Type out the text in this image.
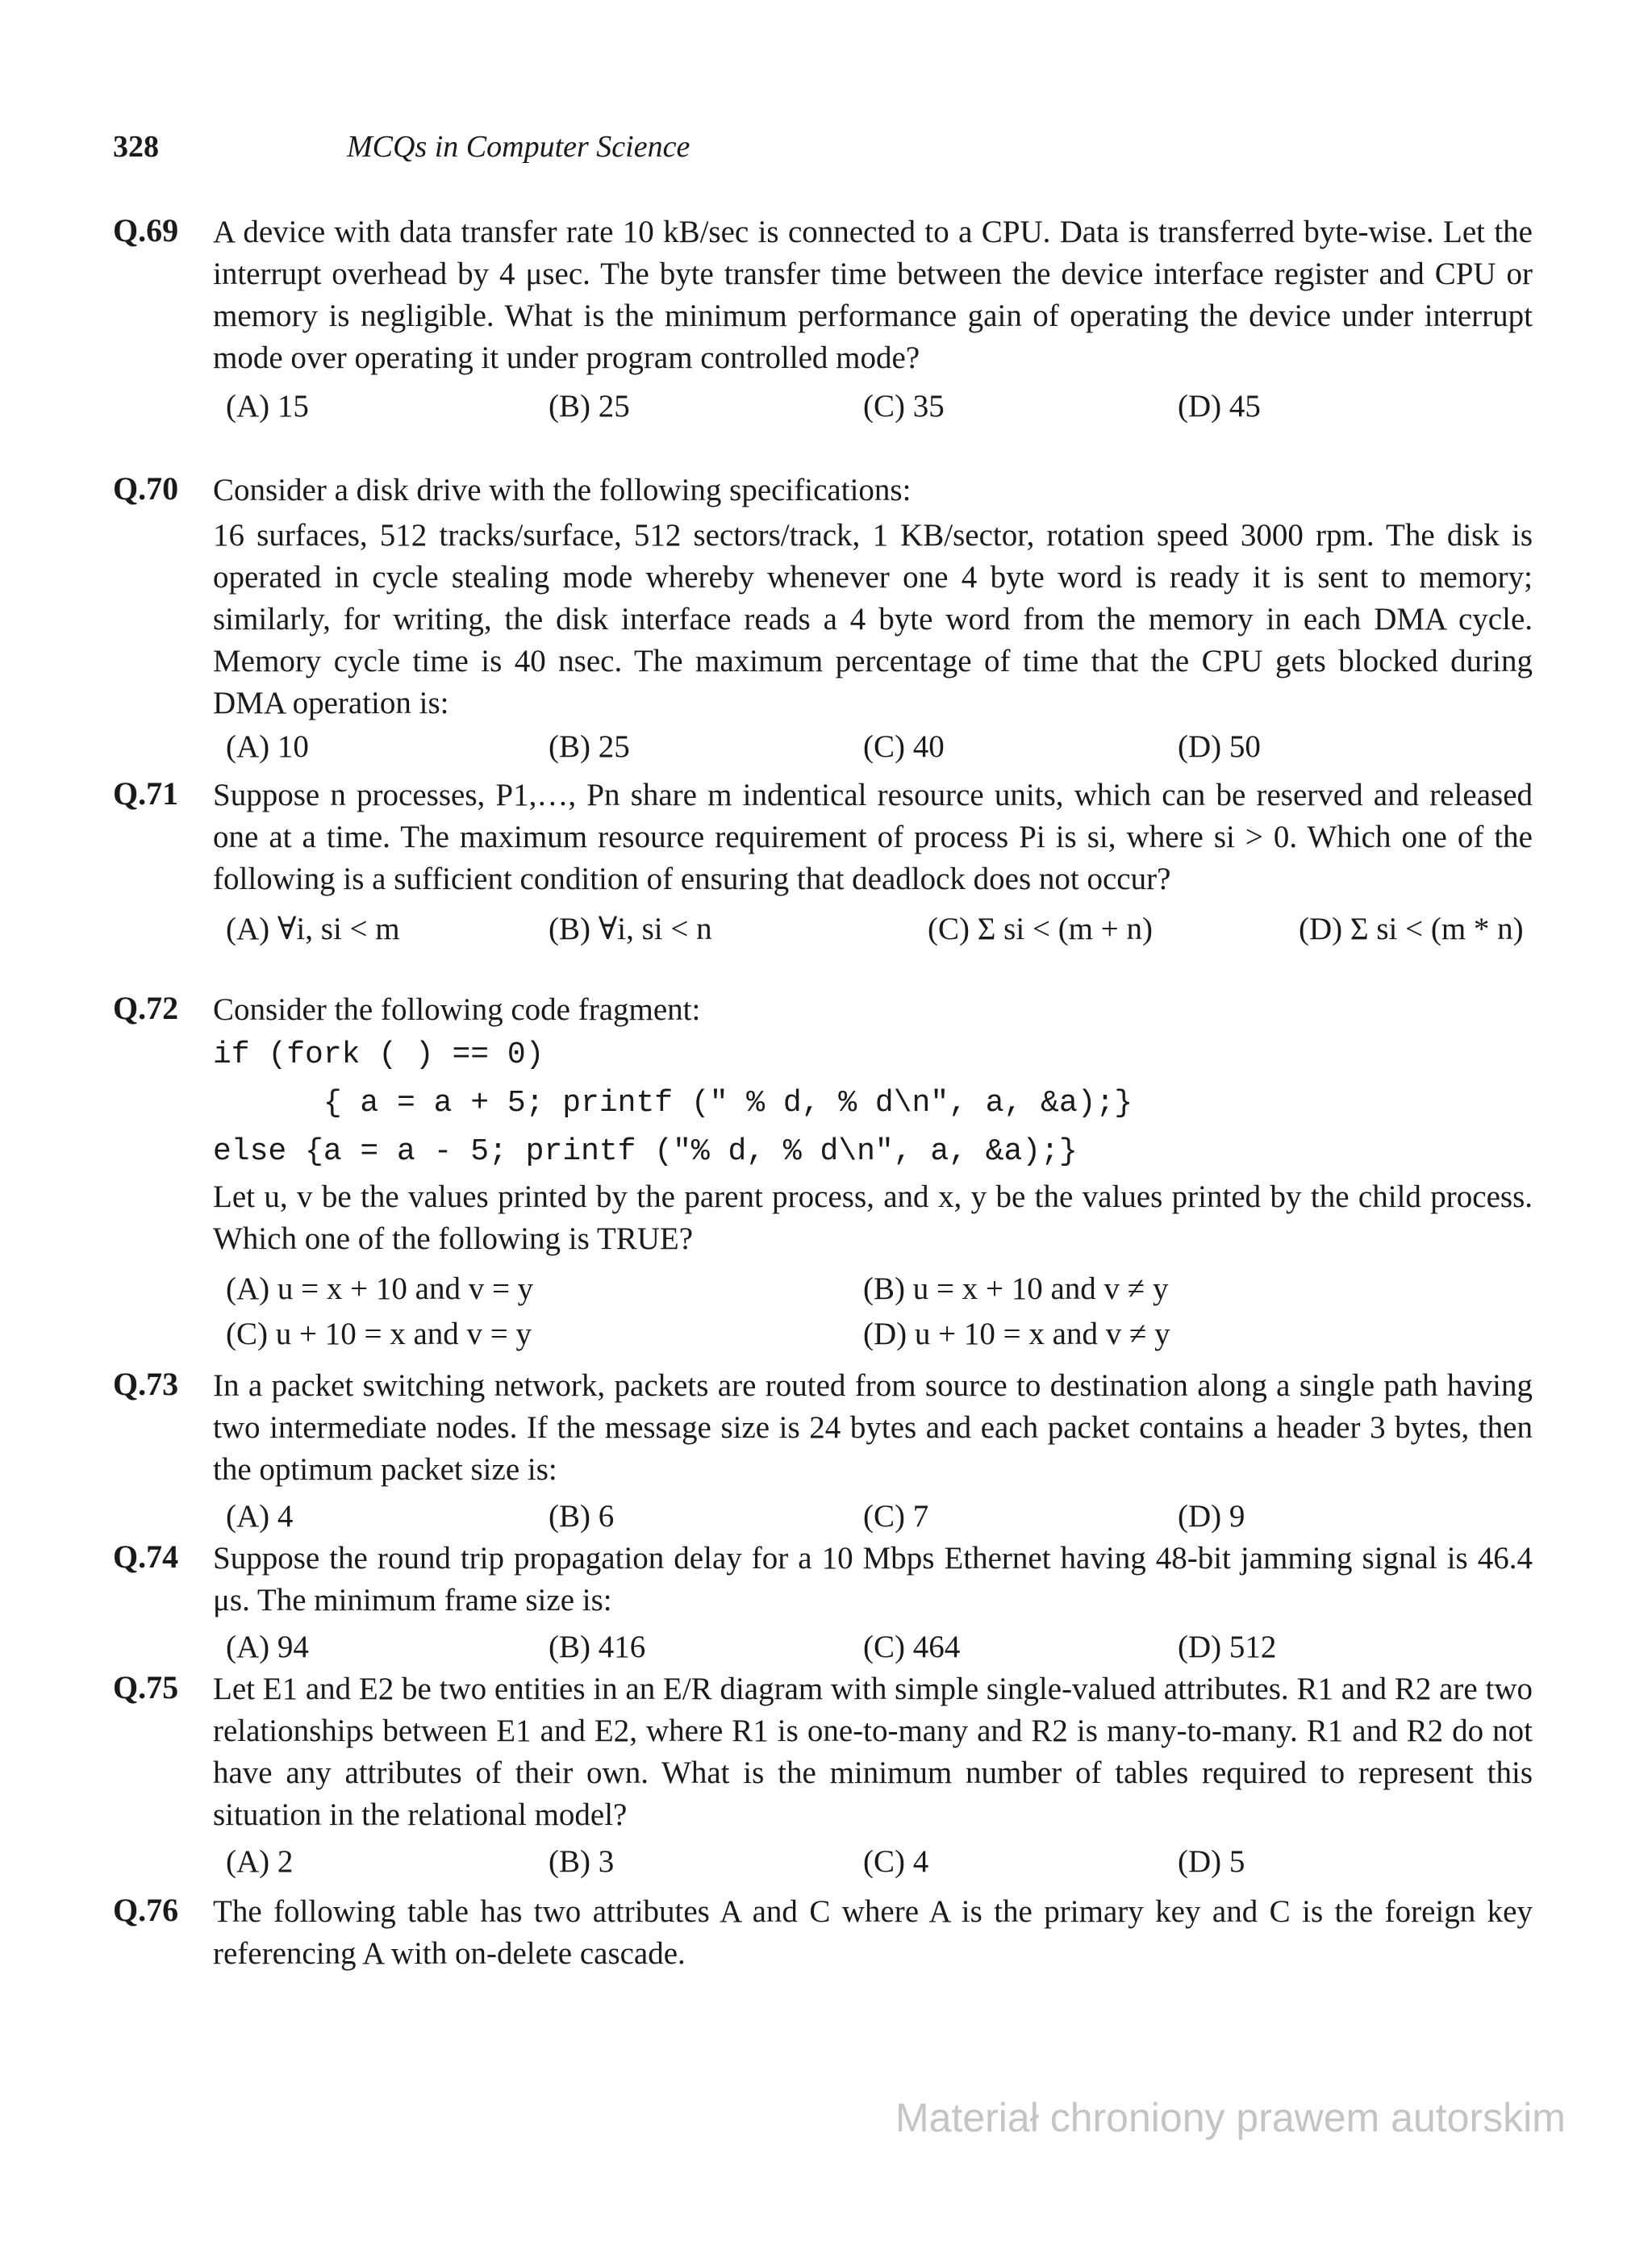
328	MCQs in Computer Science
Q.69 A device with data transfer rate 10 kB/sec is connected to a CPU. Data is transferred byte-wise. Let the interrupt overhead by 4 μsec. The byte transfer time between the device interface register and CPU or memory is negligible. What is the minimum performance gain of operating the device under interrupt mode over operating it under program controlled mode?

(A) 15	(B) 25	(C) 35	(D) 45
Q.70 Consider a disk drive with the following specifications:

16 surfaces, 512 tracks/surface, 512 sectors/track, 1 KB/sector, rotation speed 3000 rpm. The disk is operated in cycle stealing mode whereby whenever one 4 byte word is ready it is sent to memory; similarly, for writing, the disk interface reads a 4 byte word from the memory in each DMA cycle. Memory cycle time is 40 nsec. The maximum percentage of time that the CPU gets blocked during DMA operation is:

(A) 10	(B) 25	(C) 40	(D) 50
Q.71 Suppose n processes, P1,…, Pn share m indentical resource units, which can be reserved and released one at a time. The maximum resource requirement of process Pi is si, where si > 0. Which one of the following is a sufficient condition of ensuring that deadlock does not occur?

(A) ∀i, si < m	(B) ∀i, si < n	(C) Σ si < (m + n)	(D) Σ si < (m * n)
Q.72 Consider the following code fragment:

if (fork ( ) == 0)
{ a = a + 5; printf (" % d, % d\n", a, &a);}
else {a = a - 5; printf ("% d, % d\n", a, &a);}

Let u, v be the values printed by the parent process, and x, y be the values printed by the child process. Which one of the following is TRUE?

(A) u = x + 10 and v = y	(B) u = x + 10 and v ≠ y
(C) u + 10 = x and v = y	(D) u + 10 = x and v ≠ y
Q.73 In a packet switching network, packets are routed from source to destination along a single path having two intermediate nodes. If the message size is 24 bytes and each packet contains a header 3 bytes, then the optimum packet size is:

(A) 4	(B) 6	(C) 7	(D) 9
Q.74 Suppose the round trip propagation delay for a 10 Mbps Ethernet having 48-bit jamming signal is 46.4 μs. The minimum frame size is:

(A) 94	(B) 416	(C) 464	(D) 512
Q.75 Let E1 and E2 be two entities in an E/R diagram with simple single-valued attributes. R1 and R2 are two relationships between E1 and E2, where R1 is one-to-many and R2 is many-to-many. R1 and R2 do not have any attributes of their own. What is the minimum number of tables required to represent this situation in the relational model?

(A) 2	(B) 3	(C) 4	(D) 5
Q.76 The following table has two attributes A and C where A is the primary key and C is the foreign key referencing A with on-delete cascade.

Materiał chroniony prawem autorskim
